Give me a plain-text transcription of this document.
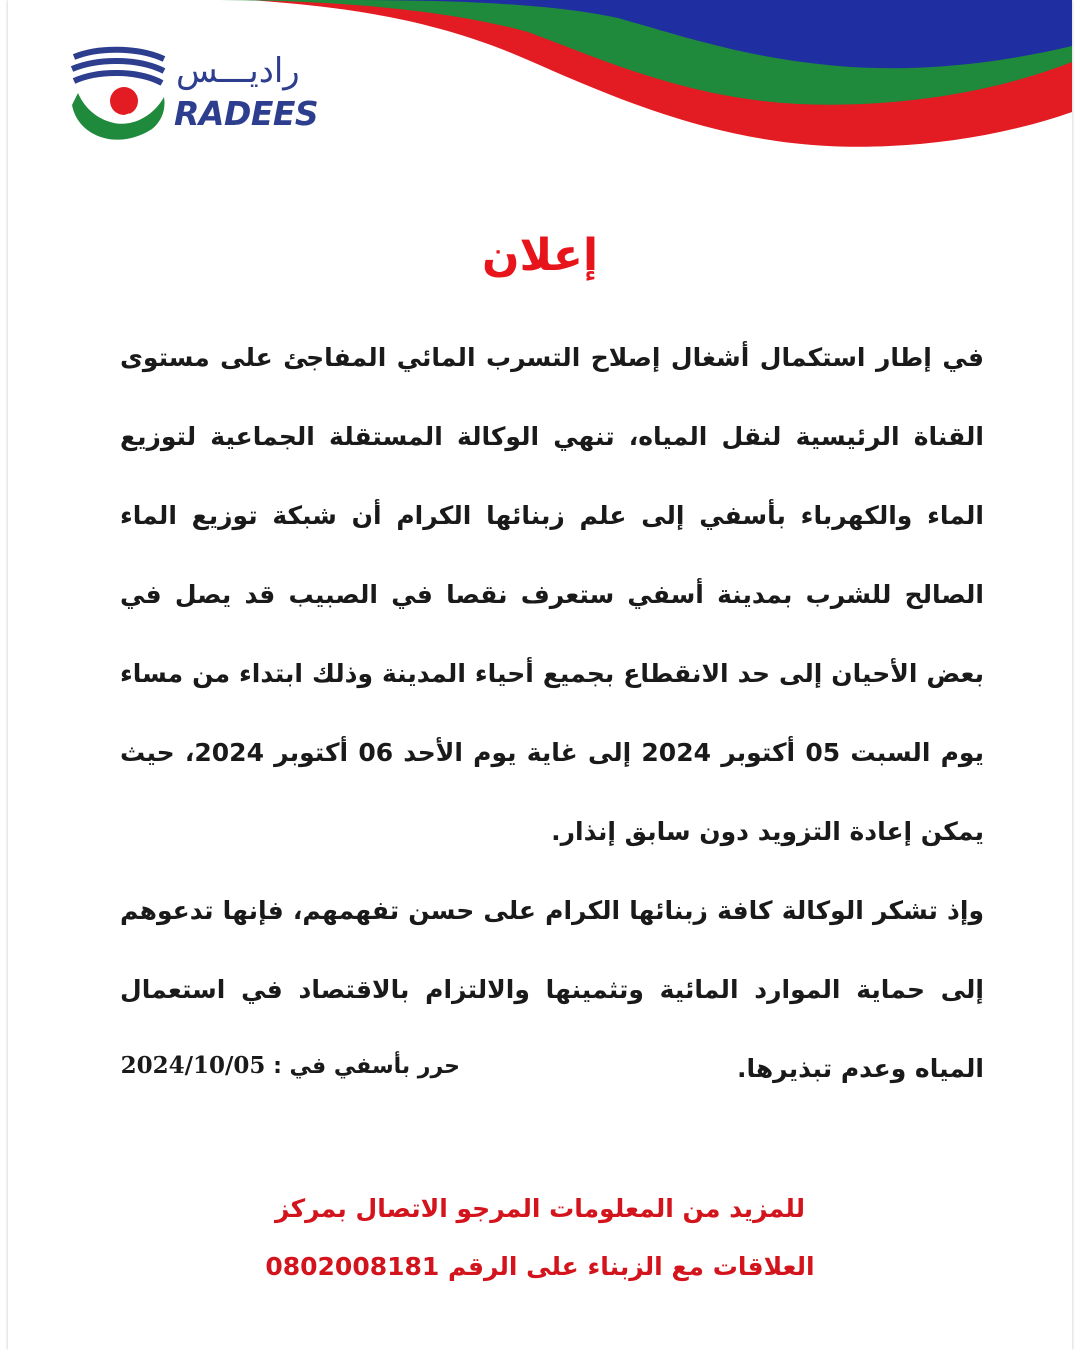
راديـــس
RADEES
إعلان

في إطار استكمال أشغال إصلاح التسرب المائي المفاجئ على مستوى القناة الرئيسية لنقل المياه، تنهي الوكالة المستقلة الجماعية لتوزيع الماء والكهرباء بأسفي إلى علم زبنائها الكرام أن شبكة توزيع الماء الصالح للشرب بمدينة أسفي ستعرف نقصا في الصبيب قد يصل في بعض الأحيان إلى حد الانقطاع بجميع أحياء المدينة وذلك ابتداء من مساء يوم السبت 05 أكتوبر 2024 إلى غاية يوم الأحد 06 أكتوبر 2024، حيث يمكن إعادة التزويد دون سابق إنذار.

وإذ تشكر الوكالة كافة زبنائها الكرام على حسن تفهمهم، فإنها تدعوهم إلى حماية الموارد المائية وتثمينها والالتزام بالاقتصاد في استعمال المياه وعدم تبذيرها.

حرر بأسفي في : 2024/10/05
للمزيد من المعلومات المرجو الاتصال بمركز
العلاقات مع الزبناء على الرقم 0802008181
